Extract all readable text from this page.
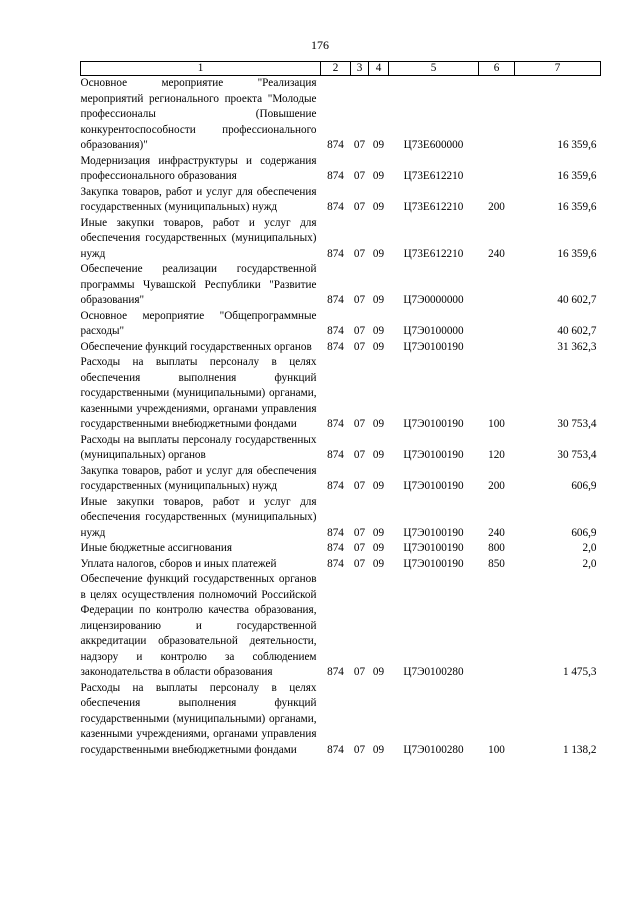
176
1	2	3	4	5	6	7
Основное мероприятие "Реализация мероприятий регионального проекта "Молодые профессионалы (Повышение конкурентоспособности профессионального образования)"	874	07	09	Ц73Е600000		16 359,6
Модернизация инфраструктуры и содержания профессионального образования	874	07	09	Ц73Е612210		16 359,6
Закупка товаров, работ и услуг для обеспечения государственных (муниципальных) нужд	874	07	09	Ц73Е612210	200	16 359,6
Иные закупки товаров, работ и услуг для обеспечения государственных (муниципальных) нужд	874	07	09	Ц73Е612210	240	16 359,6
Обеспечение реализации государственной программы Чувашской Республики "Развитие образования"	874	07	09	Ц7Э0000000		40 602,7
Основное мероприятие "Общепрограммные расходы"	874	07	09	Ц7Э0100000		40 602,7
Обеспечение функций государственных органов	874	07	09	Ц7Э0100190		31 362,3
Расходы на выплаты персоналу в целях обеспечения выполнения функций государственными (муниципальными) органами, казенными учреждениями, органами управления государственными внебюджетными фондами	874	07	09	Ц7Э0100190	100	30 753,4
Расходы на выплаты персоналу государственных (муниципальных) органов	874	07	09	Ц7Э0100190	120	30 753,4
Закупка товаров, работ и услуг для обеспечения государственных (муниципальных) нужд	874	07	09	Ц7Э0100190	200	606,9
Иные закупки товаров, работ и услуг для обеспечения государственных (муниципальных) нужд	874	07	09	Ц7Э0100190	240	606,9
Иные бюджетные ассигнования	874	07	09	Ц7Э0100190	800	2,0
Уплата налогов, сборов и иных платежей	874	07	09	Ц7Э0100190	850	2,0
Обеспечение функций государственных органов в целях осуществления полномочий Российской Федерации по контролю качества образования, лицензированию и государственной аккредитации образовательной деятельности, надзору и контролю за соблюдением законодательства в области образования	874	07	09	Ц7Э0100280		1 475,3
Расходы на выплаты персоналу в целях обеспечения выполнения функций государственными (муниципальными) органами, казенными учреждениями, органами управления государственными внебюджетными фондами	874	07	09	Ц7Э0100280	100	1 138,2
